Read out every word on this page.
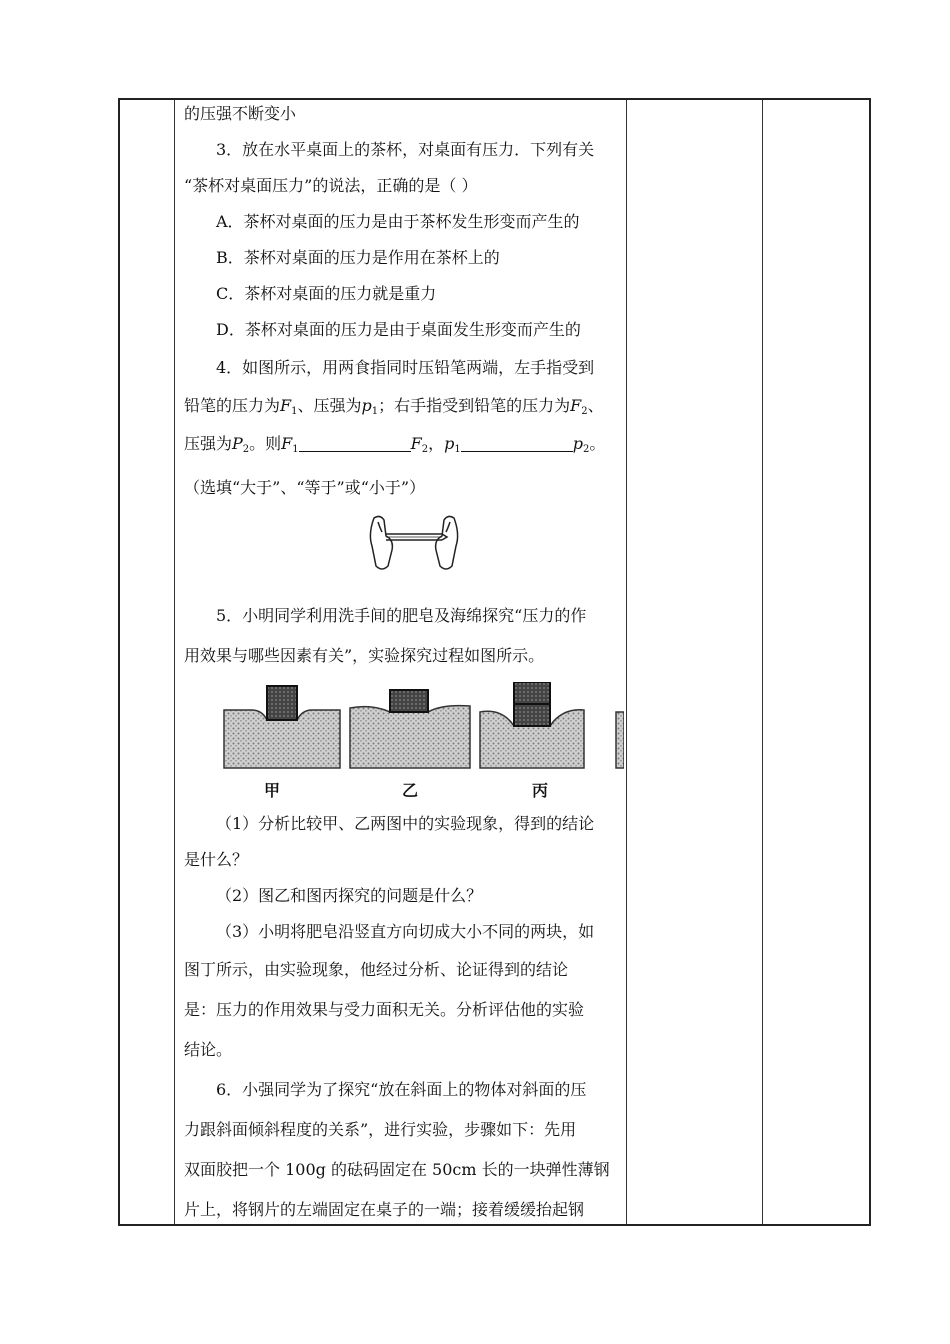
的压强不断变小
3．放在水平桌面上的茶杯，对桌面有压力．下列有关
“茶杯对桌面压力”的说法，正确的是（ ）
A．茶杯对桌面的压力是由于茶杯发生形变而产生的
B．茶杯对桌面的压力是作用在茶杯上的
C．茶杯对桌面的压力就是重力
D．茶杯对桌面的压力是由于桌面发生形变而产生的
4．如图所示，用两食指同时压铅笔两端，左手指受到
铅笔的压力为$F_1$、压强为$p_1$；右手指受到铅笔的压力为$F_2$、
压强为$P_2$。则$F_1$	$F_2$，$p_1$	$p_2$。
（选填“大于”、“等于”或“小于”）
5．小明同学利用洗手间的肥皂及海绵探究“压力的作
用效果与哪些因素有关”，实验探究过程如图所示。
甲	乙	丙
（1）分析比较甲、乙两图中的实验现象，得到的结论
是什么？
（2）图乙和图丙探究的问题是什么？
（3）小明将肥皂沿竖直方向切成大小不同的两块，如
图丁所示，由实验现象，他经过分析、论证得到的结论
是：压力的作用效果与受力面积无关。分析评估他的实验
结论。
6．小强同学为了探究“放在斜面上的物体对斜面的压
力跟斜面倾斜程度的关系”，进行实验，步骤如下：先用
双面胶把一个 100g 的砝码固定在 50cm 长的一块弹性薄钢
片上，将钢片的左端固定在桌子的一端；接着缓缓抬起钢
